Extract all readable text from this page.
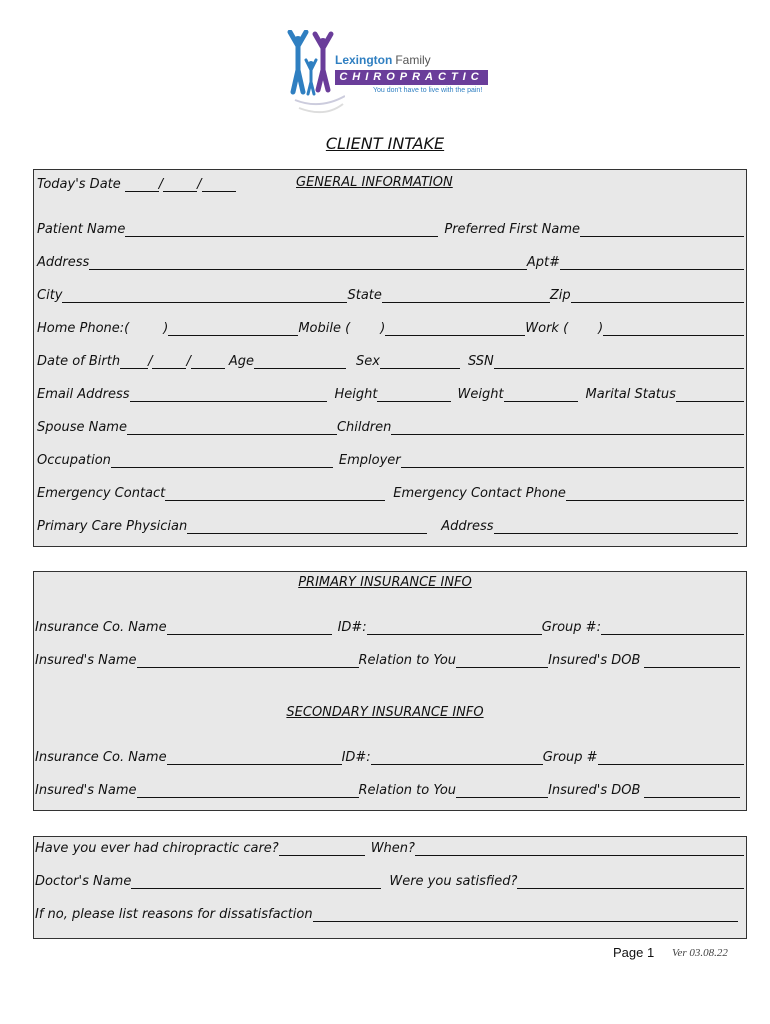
Lexington Family
CHIROPRACTIC
You don't have to live with the pain!
CLIENT INTAKE
Today's Date	/	/	GENERAL INFORMATION
Patient Name	Preferred First Name
Address	Apt#
City	State	Zip
Home Phone:(	)	Mobile ( )	Work ( )
Date of Birth /	/	Age	Sex	SSN
Email Address	Height	Weight	Marital Status
Spouse Name	Children
Occupation	Employer
Emergency Contact	Emergency Contact Phone
Primary Care Physician	Address
PRIMARY INSURANCE INFO
Insurance Co. Name	ID#:	Group #:
Insured's Name	Relation to You	Insured's DOB
SECONDARY INSURANCE INFO
Insurance Co. Name	ID#:	Group #
Insured's Name	Relation to You	Insured's DOB
Have you ever had chiropractic care?	When?
Doctor's Name	Were you satisfied?
If no, please list reasons for dissatisfaction
Page 1 Ver 03.08.22
